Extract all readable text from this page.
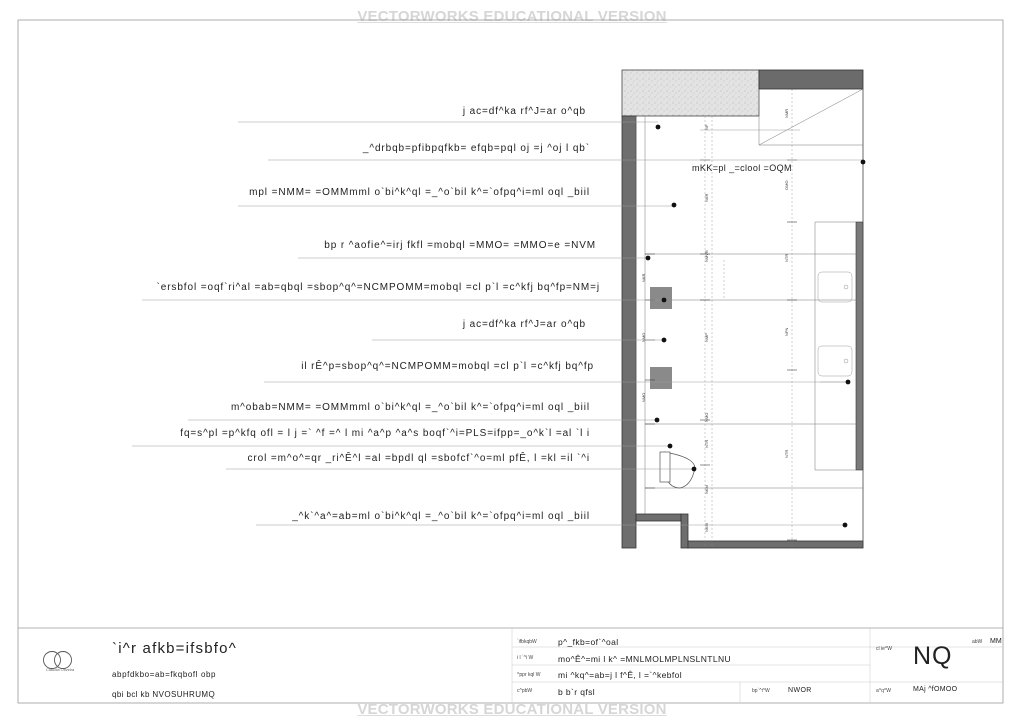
VECTORWORKS EDUCATIONAL VERSION
VECTORWORKS EDUCATIONAL VERSION
NP
NMR
NKR
OMO
NKR
NMVR	NTR
NMO	NMP
NPN
NMO
NMO
NTR
NTR
NKM
NKM
mKK=pl _=clool =OQM
j ac=df^ka rf^J=ar o^qb
_^drbqb=pfibpqfkb= efqb=pql oj =j ^oj l qb`
mpl =NMM= =OMMmml o`bi^k^ql =_^o`bil k^=`ofpq^i=ml oql _biil
bp r ^aofie^=irj fkfl =mobql =MMO= =MMO=e =NVM
`ersbfol =oqf`ri^al =ab=qbql =sbop^q^=NCMPOMM=mobql =cl p`l =c^kfj bq^fp=NM=j
j ac=df^ka rf^J=ar o^qb
il rÊ^p=sbop^q^=NCMPOMM=mobql =cl p`l =c^kfj bq^fp
m^obab=NMM= =OMMmml o`bi^k^ql =_^o`bil k^=`ofpq^i=ml oql _biil
fq=s^pl =p^kfq ofl = l j =` ^f =^ l mi ^a^p ^a^s boqf`^i=PLS=ifpp=_o^k`l =al `l i
crol =m^o^=qr _ri^Ê^l =al =bpdl ql =sbofcf`^o=ml pfÊ, l =kl =il `^i
_^k`^a^=ab=ml o`bi^k^ql =_^o`bil k^=`ofpq^i=ml oql _biil
Claudia Oliveira
`i^r afkb=ifsbfo^
abpfdkbo=ab=fkqbofl obp
qbi bcl kb NVOSUHRUMQ
`ifbkqbW	p^_fkb=of`^oal
i l `^i W	mo^Ê^=mi l k^ =MNLMOLMPLNSLNTLNU
^ppr kql W mi ^kq^=ab=j l f^Ê, l =`^kebfol
c^pbW	b b`r qfsl	bp`^i^W	NWOR
cl ie^W NQ	abW MM
a^q^W	MAj ^fOMOO
